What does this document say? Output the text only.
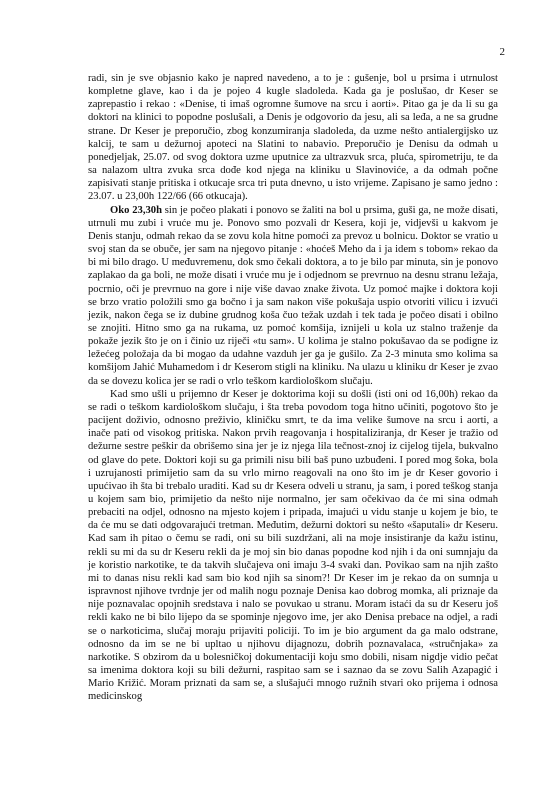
2

radi, sin je sve objasnio kako je napred navedeno, a to je : gušenje, bol u prsima i utrnulost kompletne glave, kao i da je pojeo 4 kugle sladoleda. Kada ga je poslušao, dr Keser se zaprepastio i rekao : «Denise, ti imaš ogromne šumove na srcu i aorti». Pitao ga je da li su ga doktori na klinici to popodne poslušali, a Denis je odgovorio da jesu, ali sa leđa, a ne sa grudne strane. Dr Keser je preporučio, zbog konzumiranja sladoleda, da uzme nešto antialergijsko uz kalcij, te sam u dežurnoj apoteci na Slatini to nabavio. Preporučio je Denisu da odmah u ponedjeljak, 25.07. od svog doktora uzme uputnice za ultrazvuk srca, pluća, spirometriju, te da sa nalazom ultra zvuka srca dođe kod njega na kliniku u Slavinoviće, a da odmah počne zapisivati stanje pritiska i otkucaje srca tri puta dnevno, u isto vrijeme. Zapisano je samo jedno : 23.07. u 23,00h 122/66 (66 otkucaja).

Oko 23,30h sin je počeo plakati i ponovo se žaliti na bol u prsima, guši ga, ne može disati, utrnuli mu zubi i vruće mu je. Ponovo smo pozvali dr Kesera, koji je, vidjevši u kakvom je Denis stanju, odmah rekao da se zovu kola hitne pomoći za prevoz u bolnicu. Doktor se vratio u svoj stan da se obuče, jer sam na njegovo pitanje : «hoćeš Meho da i ja idem s tobom» rekao da bi mi bilo drago. U međuvremenu, dok smo čekali doktora, a to je bilo par minuta, sin je ponovo zaplakao da ga boli, ne može disati i vruće mu je i odjednom se prevrnuo na desnu stranu ležaja, pocrnio, oči je prevrnuo na gore i nije više davao znake života. Uz pomoć majke i doktora koji se brzo vratio položili smo ga bočno i ja sam nakon više pokušaja uspio otvoriti vilicu i izvući jezik, nakon čega se iz dubine grudnog koša čuo težak uzdah i tek tada je počeo disati i obilno se znojiti. Hitno smo ga na rukama, uz pomoć komšija, iznijeli u kola uz stalno traženje da pokaže jezik što je on i činio uz riječi «tu sam». U kolima je stalno pokušavao da se podigne iz ležećeg položaja da bi mogao da udahne vazduh jer ga je gušilo. Za 2-3 minuta smo kolima sa komšijom Jahić Muhamedom i dr Keserom stigli na kliniku. Na ulazu u kliniku dr Keser je zvao da se dovezu kolica jer se radi o vrlo teškom kardiološkom slučaju.

Kad smo ušli u prijemno dr Keser je doktorima koji su došli (isti oni od 16,00h) rekao da se radi o teškom kardiološkom slučaju, i šta treba povodom toga hitno učiniti, pogotovo što je pacijent doživio, odnosno preživio, kliničku smrt, te da ima velike šumove na srcu i aorti, a inače pati od visokog pritiska. Nakon prvih reagovanja i hospitaliziranja, dr Keser je tražio od dežurne sestre peškir da obrišemo sina jer je iz njega lila tečnost-znoj iz cijelog tijela, bukvalno od glave do pete. Doktori koji su ga primili nisu bili baš puno uzbuđeni. I pored mog šoka, bola i uzrujanosti primijetio sam da su vrlo mirno reagovali na ono što im je dr Keser govorio i upućivao ih šta bi trebalo uraditi. Kad su dr Kesera odveli u stranu, ja sam, i pored teškog stanja u kojem sam bio, primijetio da nešto nije normalno, jer sam očekivao da će mi sina odmah prebaciti na odjel, odnosno na mjesto kojem i pripada, imajući u vidu stanje u kojem je bio, te da će mu se dati odgovarajući tretman. Međutim, dežurni doktori su nešto «šaputali» dr Keseru. Kad sam ih pitao o čemu se radi, oni su bili suzdržani, ali na moje insistiranje da kažu istinu, rekli su mi da su dr Keseru rekli da je moj sin bio danas popodne kod njih i da oni sumnjaju da je koristio narkotike, te da takvih slučajeva oni imaju 3-4 svaki dan. Povikao sam na njih zašto mi to danas nisu rekli kad sam bio kod njih sa sinom?! Dr Keser im je rekao da on sumnja u ispravnost njihove tvrdnje jer od malih nogu poznaje Denisa kao dobrog momka, ali priznaje da nije poznavalac opojnih sredstava i nalo se povukao u stranu. Moram istaći da su dr Keseru još rekli kako ne bi bilo lijepo da se spominje njegovo ime, jer ako Denisa prebace na odjel, a radi se o narkoticima, slučaj moraju prijaviti policiji. To im je bio argument da ga malo odstrane, odnosno da im se ne bi upltao u njihovu dijagnozu, dobrih poznavalaca, «stručnjaka» za narkotike. S obzirom da u bolesničkoj dokumentaciji koju smo dobili, nisam nigdje vidio pečat sa imenima doktora koji su bili dežurni, raspitao sam se i saznao da se zovu Salih Azapagić i Mario Križić. Moram priznati da sam se, a slušajući mnogo ružnih stvari oko prijema i odnosa medicinskog
